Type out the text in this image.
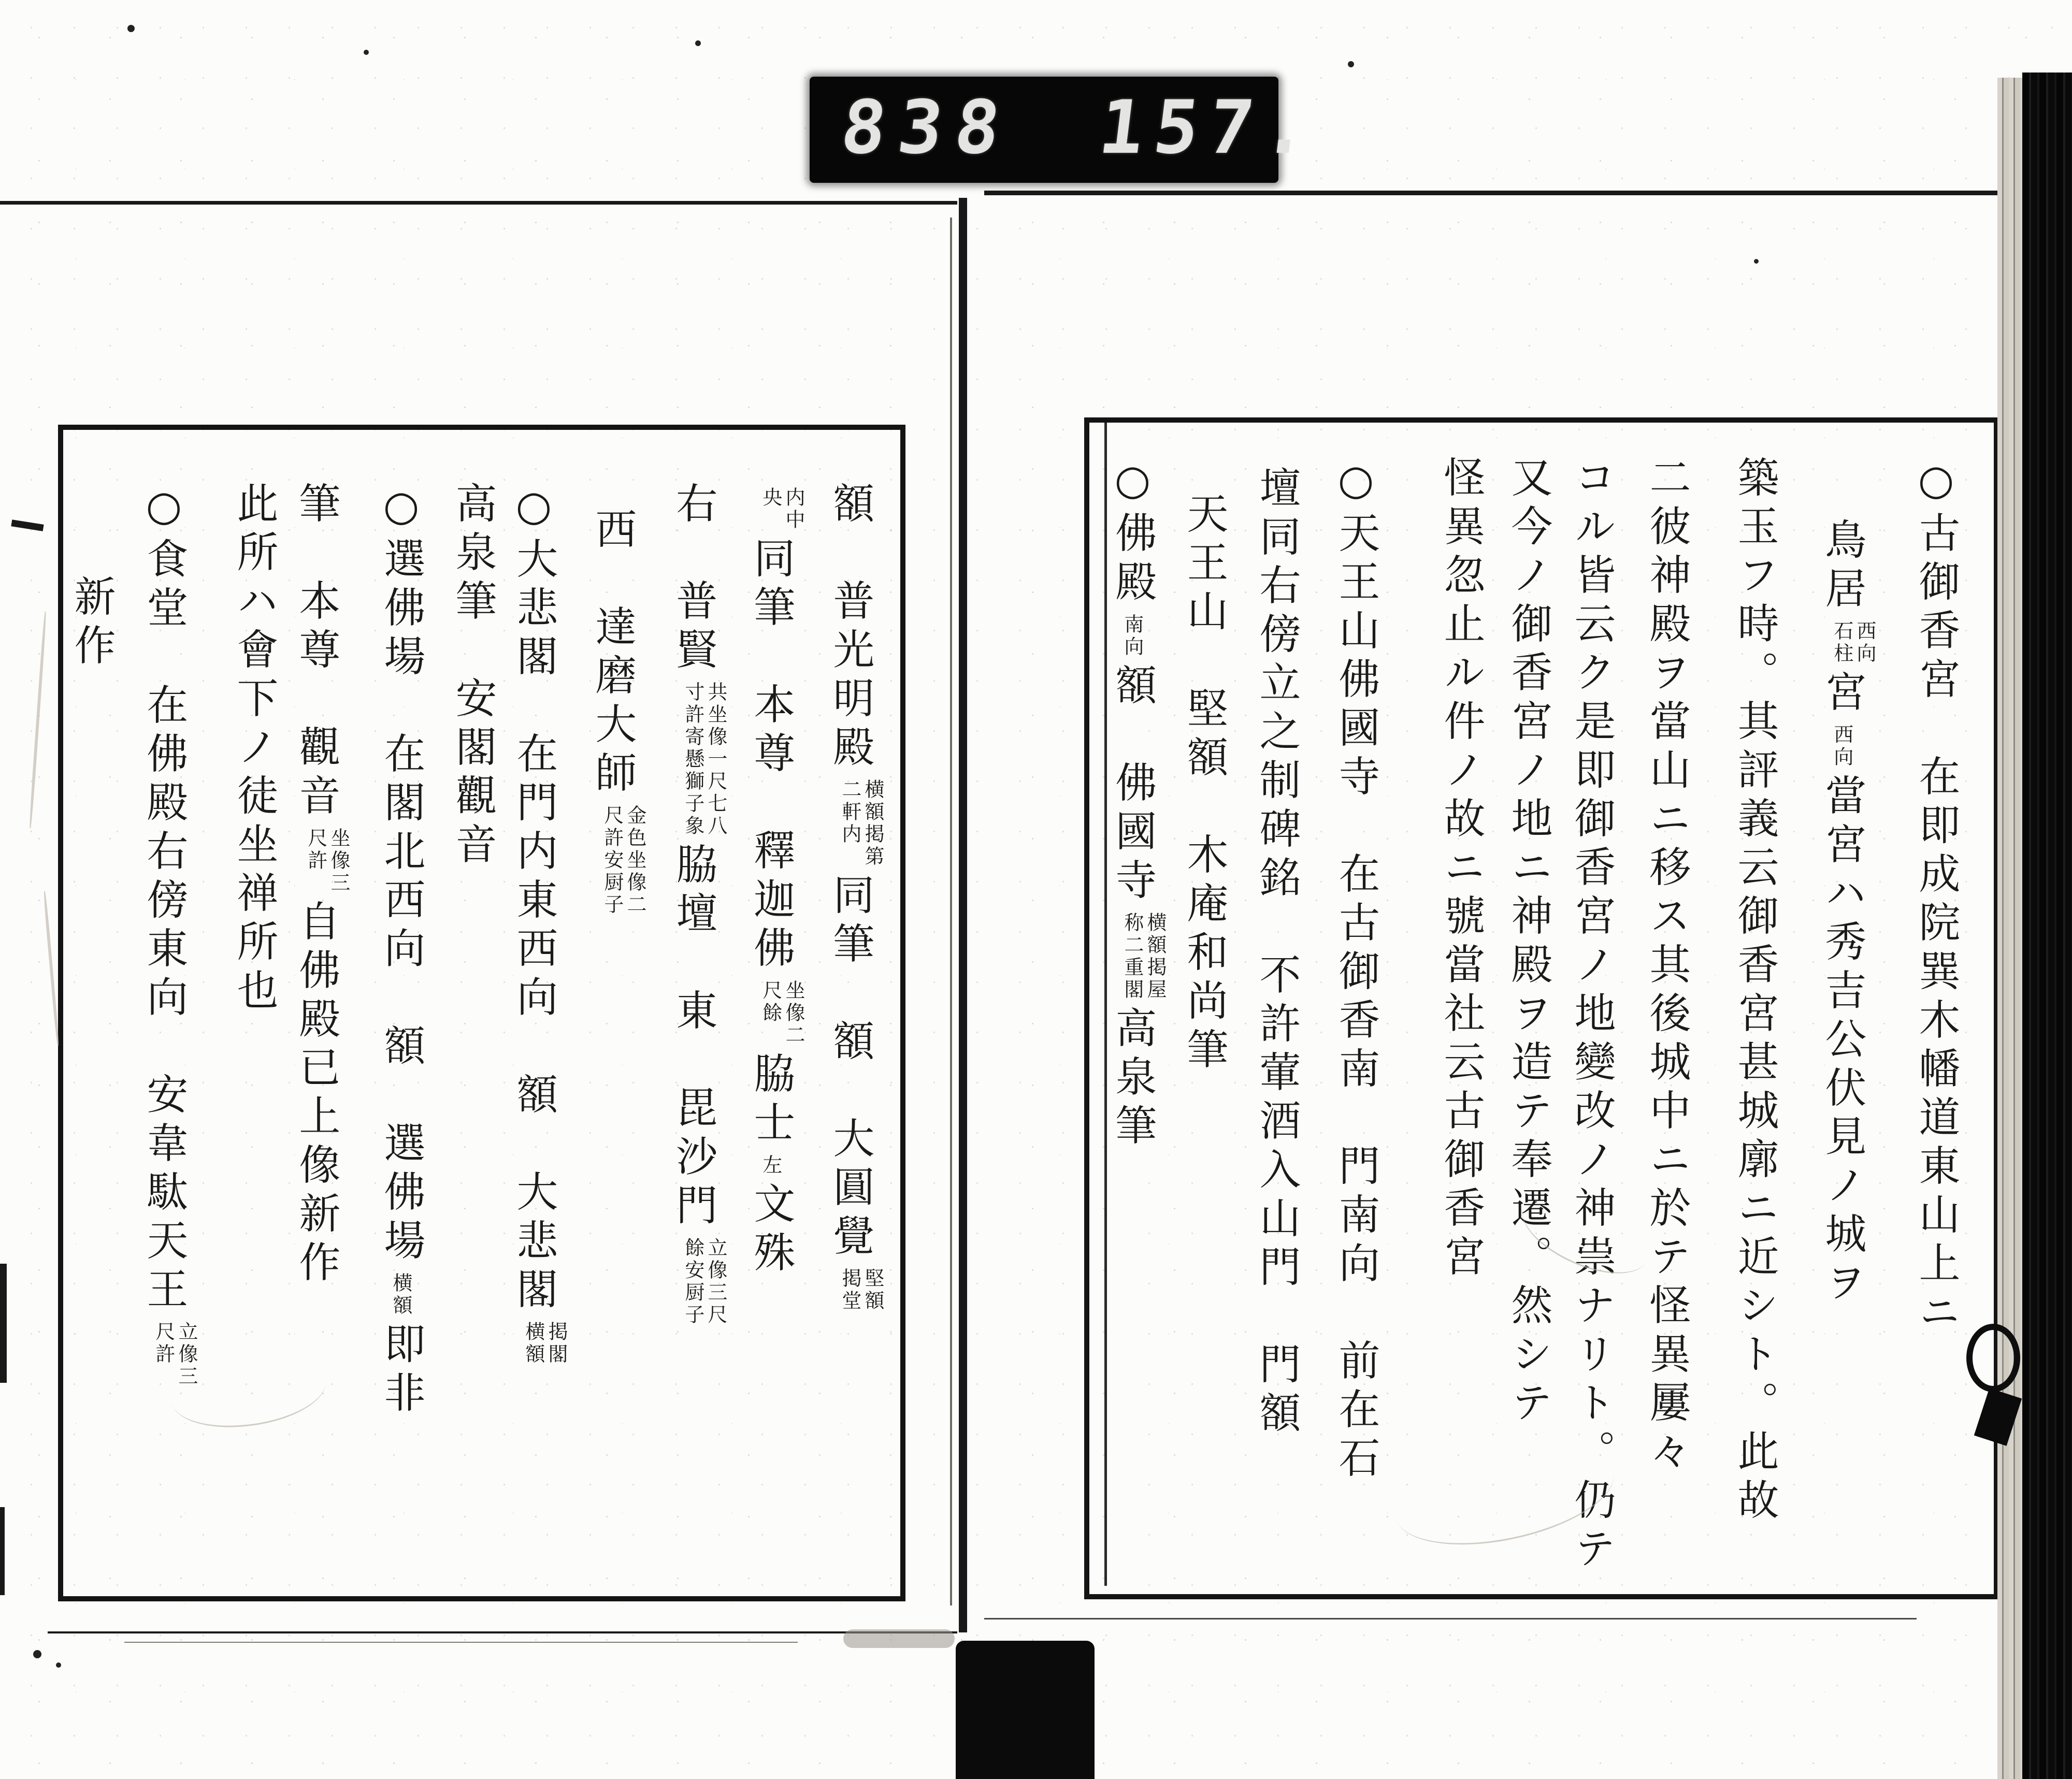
838 157.
○古御香宮　在即成院巽木幡道東山上ニ
鳥居
西向
石柱
宮
西向
當宮ハ秀吉公伏見ノ城ヲ
築玉フ時。其評義云御香宮甚城廓ニ近シト。此故
二彼神殿ヲ當山ニ移ス其後城中ニ於テ怪異屢々
コル皆云ク是即御香宮ノ地變改ノ神祟ナリト。仍テ
又今ノ御香宮ノ地ニ神殿ヲ造テ奉遷。然シテ
怪異忽止ル件ノ故ニ號當社云古御香宮
○天王山佛國寺　在古御香南　門南向　前在石
壇同右傍立之制碑銘　不許葷酒入山門　門額
天王山　堅額　木庵和尚筆
○佛殿
南向
額　佛國寺
横額掲屋
称二重閣
高泉筆
額　普光明殿
横額掲第
二軒内
同筆　額　大圓覺
堅額
掲堂
内中
央
同筆　本尊　釋迦佛
坐像二
尺餘
脇士
左
文殊
右　普賢
共坐像一尺七八
寸許寄懸獅子象
脇壇　東　毘沙門
立像三尺
餘安厨子
西　達磨大師
金色坐像二
尺許安厨子
○大悲閣　在門内東西向　額　大悲閣
掲閣
横額
高泉筆　安閣觀音
○選佛場　在閣北西向　額　選佛場
横額
即非
筆　本尊　觀音
坐像三
尺許
自佛殿已上像新作
此所ハ會下ノ徒坐禅所也
○食堂　在佛殿右傍東向　安韋駄天王
立像三
尺許
新作
